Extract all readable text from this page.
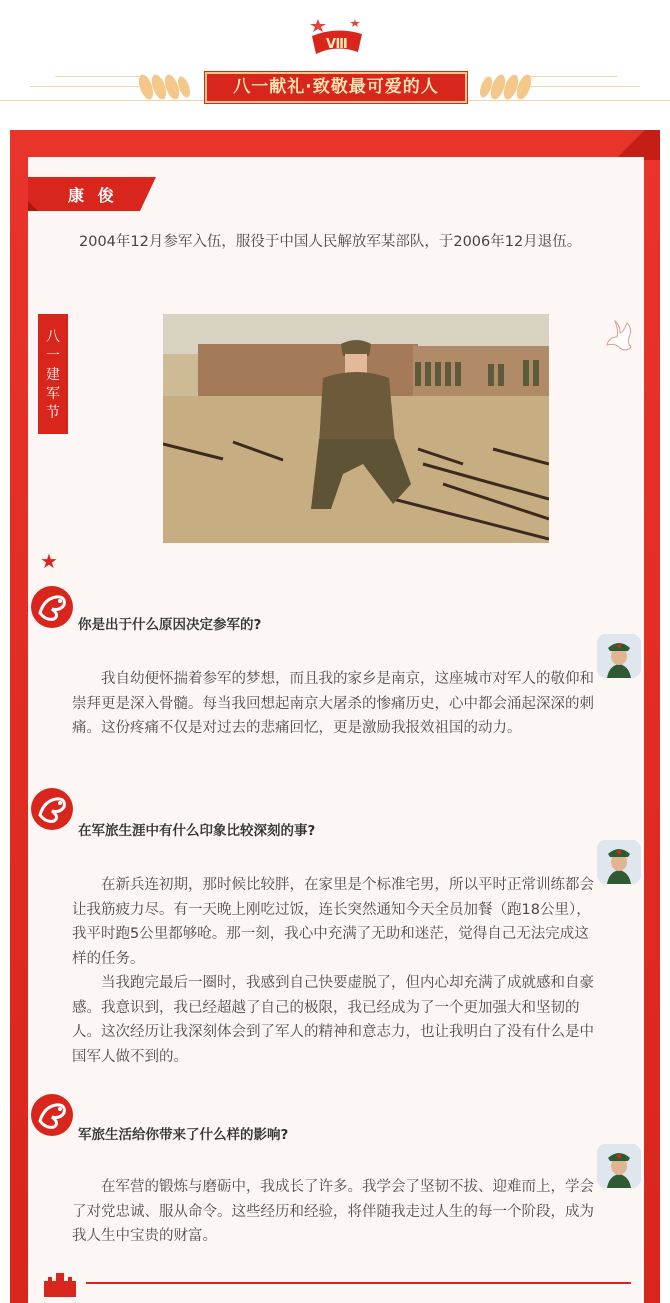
Ⅷ
八一献礼·致敬最可爱的人
康 俊

2004年12月参军入伍，服役于中国人民解放军某部队，于2006年12月退伍。

八
一
建
军
节
★
你是出于什么原因决定参军的?

我自幼便怀揣着参军的梦想，而且我的家乡是南京，这座城市对军人的敬仰和崇拜更是深入骨髓。每当我回想起南京大屠杀的惨痛历史，心中都会涌起深深的刺痛。这份疼痛不仅是对过去的悲痛回忆，更是激励我报效祖国的动力。

在军旅生涯中有什么印象比较深刻的事?

在新兵连初期，那时候比较胖，在家里是个标准宅男，所以平时正常训练都会让我筋疲力尽。有一天晚上刚吃过饭，连长突然通知今天全员加餐（跑18公里），我平时跑5公里都够呛。那一刻，我心中充满了无助和迷茫，觉得自己无法完成这样的任务。

当我跑完最后一圈时，我感到自己快要虚脱了，但内心却充满了成就感和自豪感。我意识到，我已经超越了自己的极限，我已经成为了一个更加强大和坚韧的人。这次经历让我深刻体会到了军人的精神和意志力，也让我明白了没有什么是中国军人做不到的。

军旅生活给你带来了什么样的影响?

在军营的锻炼与磨砺中，我成长了许多。我学会了坚韧不拔、迎难而上，学会了对党忠诚、服从命令。这些经历和经验，将伴随我走过人生的每一个阶段，成为我人生中宝贵的财富。
